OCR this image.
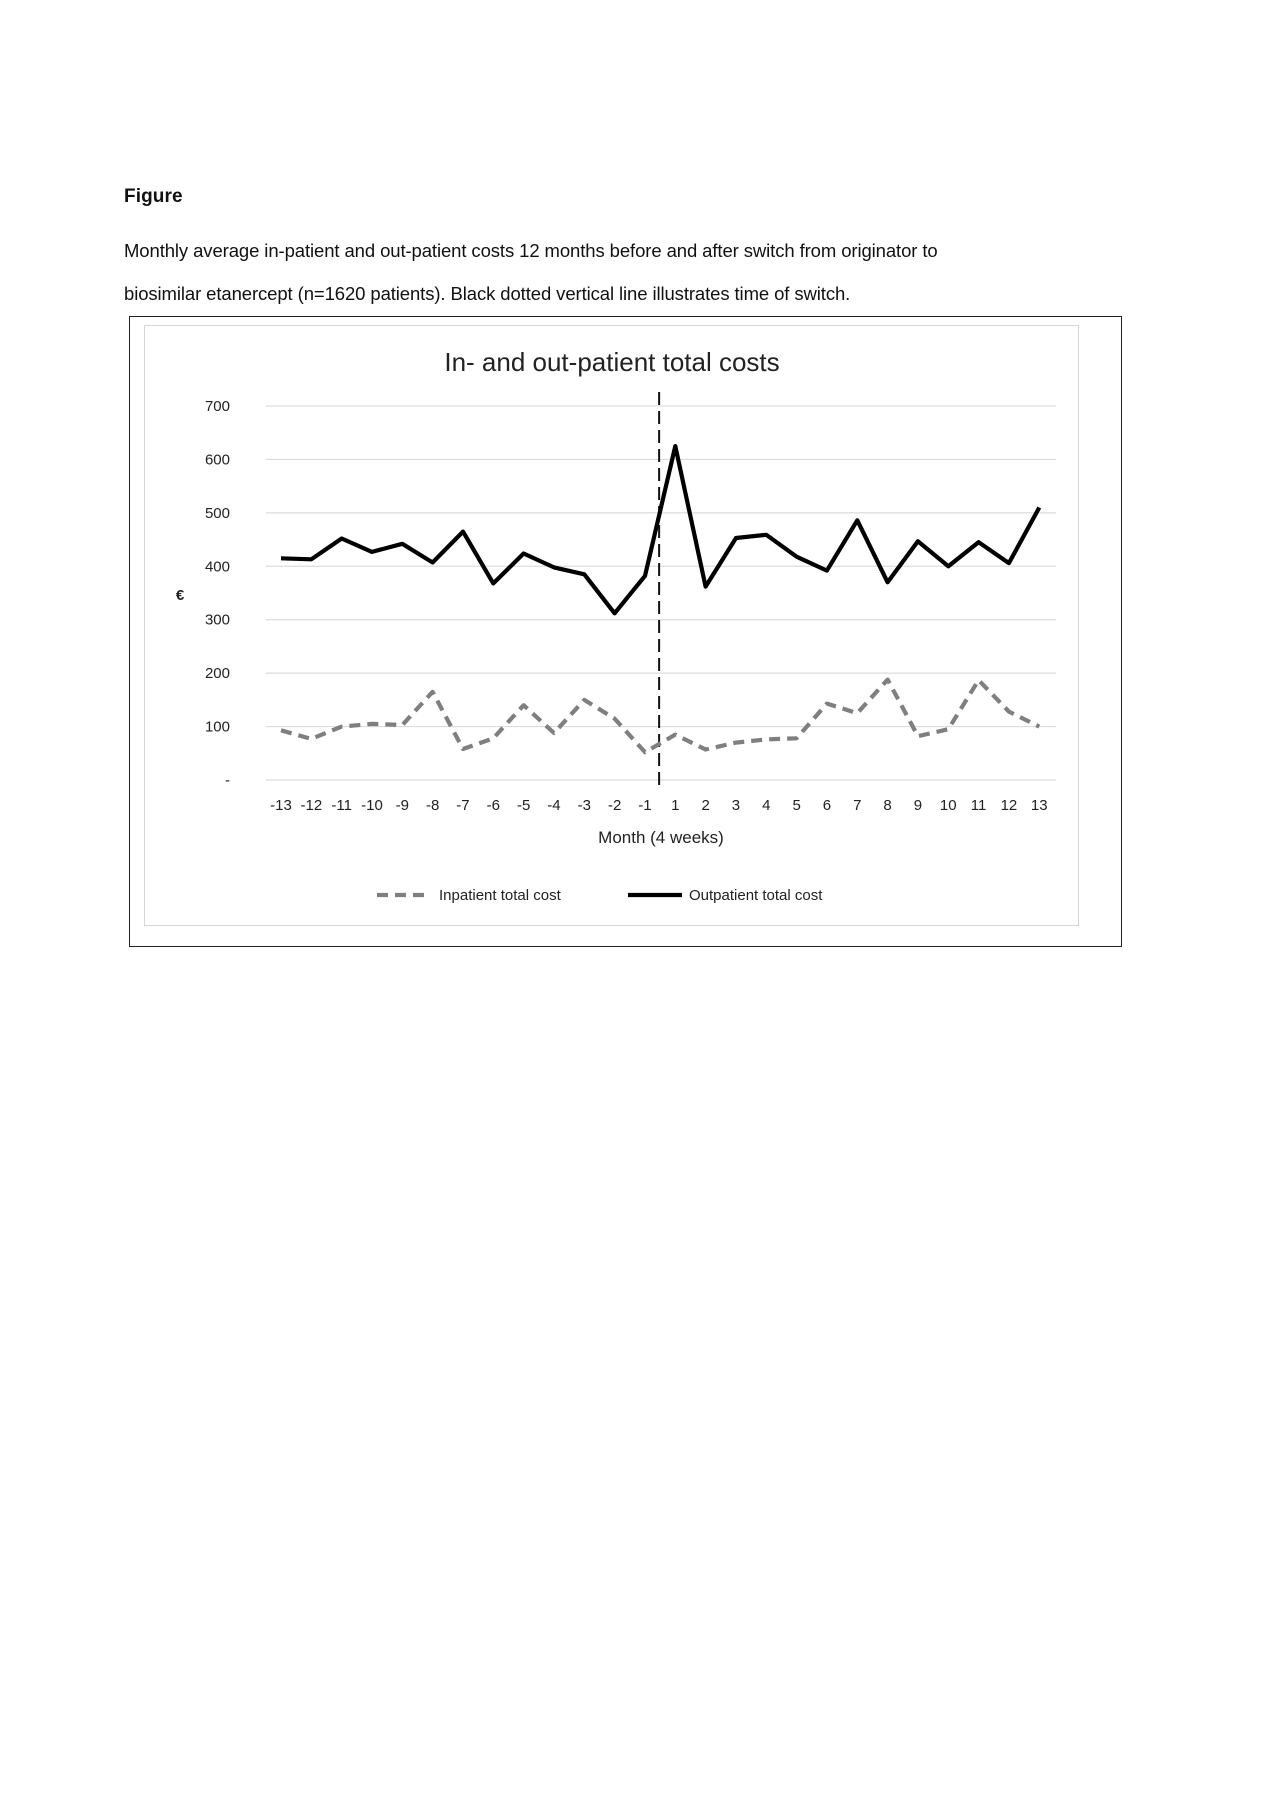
Figure
Monthly average in-patient and out-patient costs 12 months before and after switch from originator to
biosimilar etanercept (n=1620 patients). Black dotted vertical line illustrates time of switch.
In- and out-patient total costs
-
100
200
300
400
500
600
700
€
-13 -12 -11 -10 -9 -8 -7 -6 -5 -4 -3 -2 -1 1 2 3 4 5 6 7 8 9 10 11 12 13
Month (4 weeks)
Inpatient total cost	Outpatient total cost
